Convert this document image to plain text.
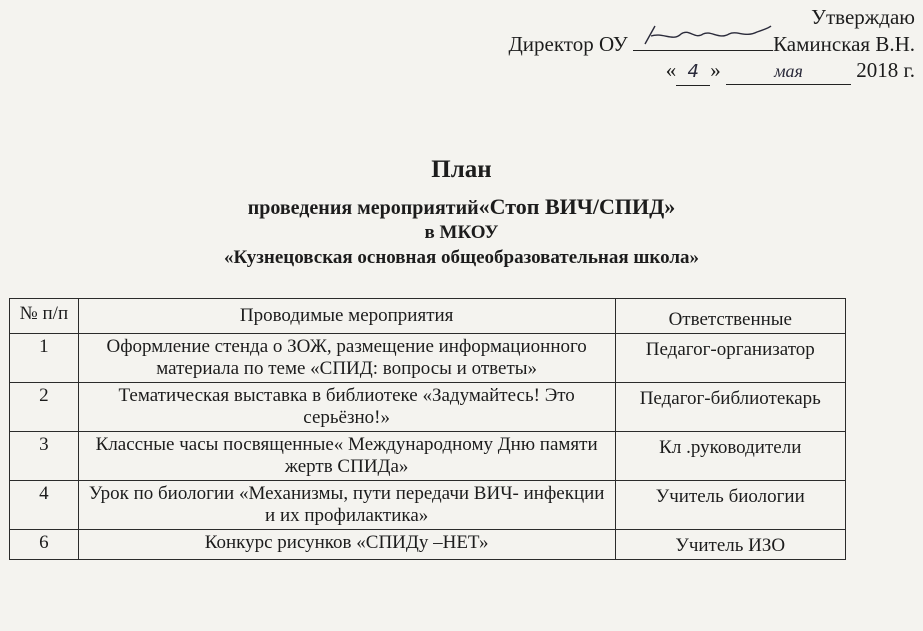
Утверждаю
Директор ОУ	Каминская В.Н.
« 4 »	мая	2018 г.
План
проведения мероприятий«Стоп ВИЧ/СПИД»
в МКОУ
«Кузнецовская основная общеобразовательная школа»
№ п/п	Проводимые мероприятия	Ответственные
1	Оформление стенда о ЗОЖ, размещение информационного материала по теме «СПИД: вопросы и ответы»	Педагог-организатор
2	Тематическая выставка в библиотеке «Задумайтесь! Это серьёзно!»	Педагог-библиотекарь
3	Классные часы посвященные« Международному Дню памяти жертв СПИДа»	Кл .руководители
4	Урок по биологии «Механизмы, пути передачи ВИЧ- инфекции и их профилактика»	Учитель биологии
6	Конкурс рисунков «СПИДу –НЕТ»	Учитель ИЗО
